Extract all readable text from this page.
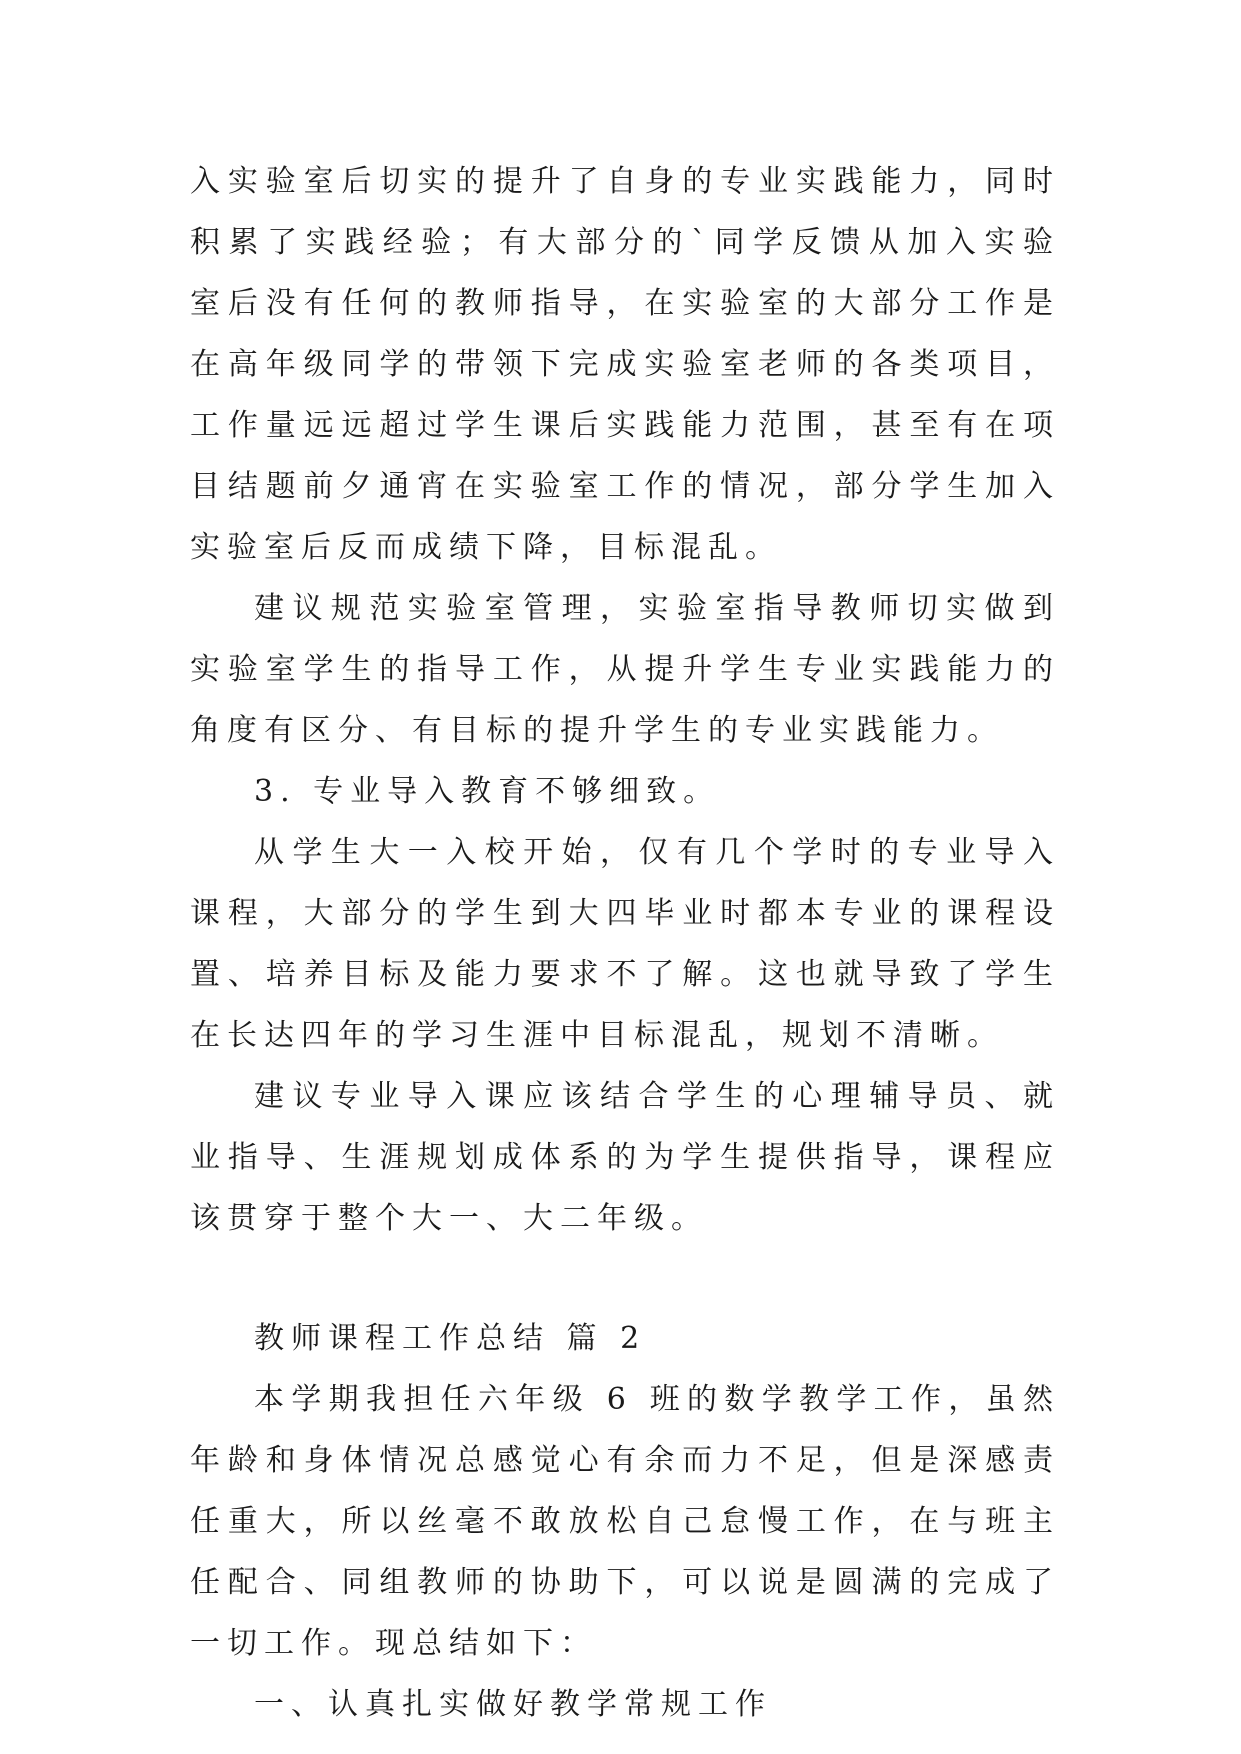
入实验室后切实的提升了自身的专业实践能力，同时积累了实践经验；有大部分的`同学反馈从加入实验室后没有任何的教师指导，在实验室的大部分工作是在高年级同学的带领下完成实验室老师的各类项目，工作量远远超过学生课后实践能力范围，甚至有在项目结题前夕通宵在实验室工作的情况，部分学生加入实验室后反而成绩下降，目标混乱。

建议规范实验室管理，实验室指导教师切实做到实验室学生的指导工作，从提升学生专业实践能力的角度有区分、有目标的提升学生的专业实践能力。

3. 专业导入教育不够细致。

从学生大一入校开始，仅有几个学时的专业导入课程，大部分的学生到大四毕业时都本专业的课程设置、培养目标及能力要求不了解。这也就导致了学生在长达四年的学习生涯中目标混乱，规划不清晰。

建议专业导入课应该结合学生的心理辅导员、就业指导、生涯规划成体系的为学生提供指导，课程应该贯穿于整个大一、大二年级。

教师课程工作总结 篇 2

本学期我担任六年级 6 班的数学教学工作，虽然年龄和身体情况总感觉心有余而力不足，但是深感责任重大，所以丝毫不敢放松自己怠慢工作，在与班主任配合、同组教师的协助下，可以说是圆满的完成了一切工作。现总结如下：

一、认真扎实做好教学常规工作
